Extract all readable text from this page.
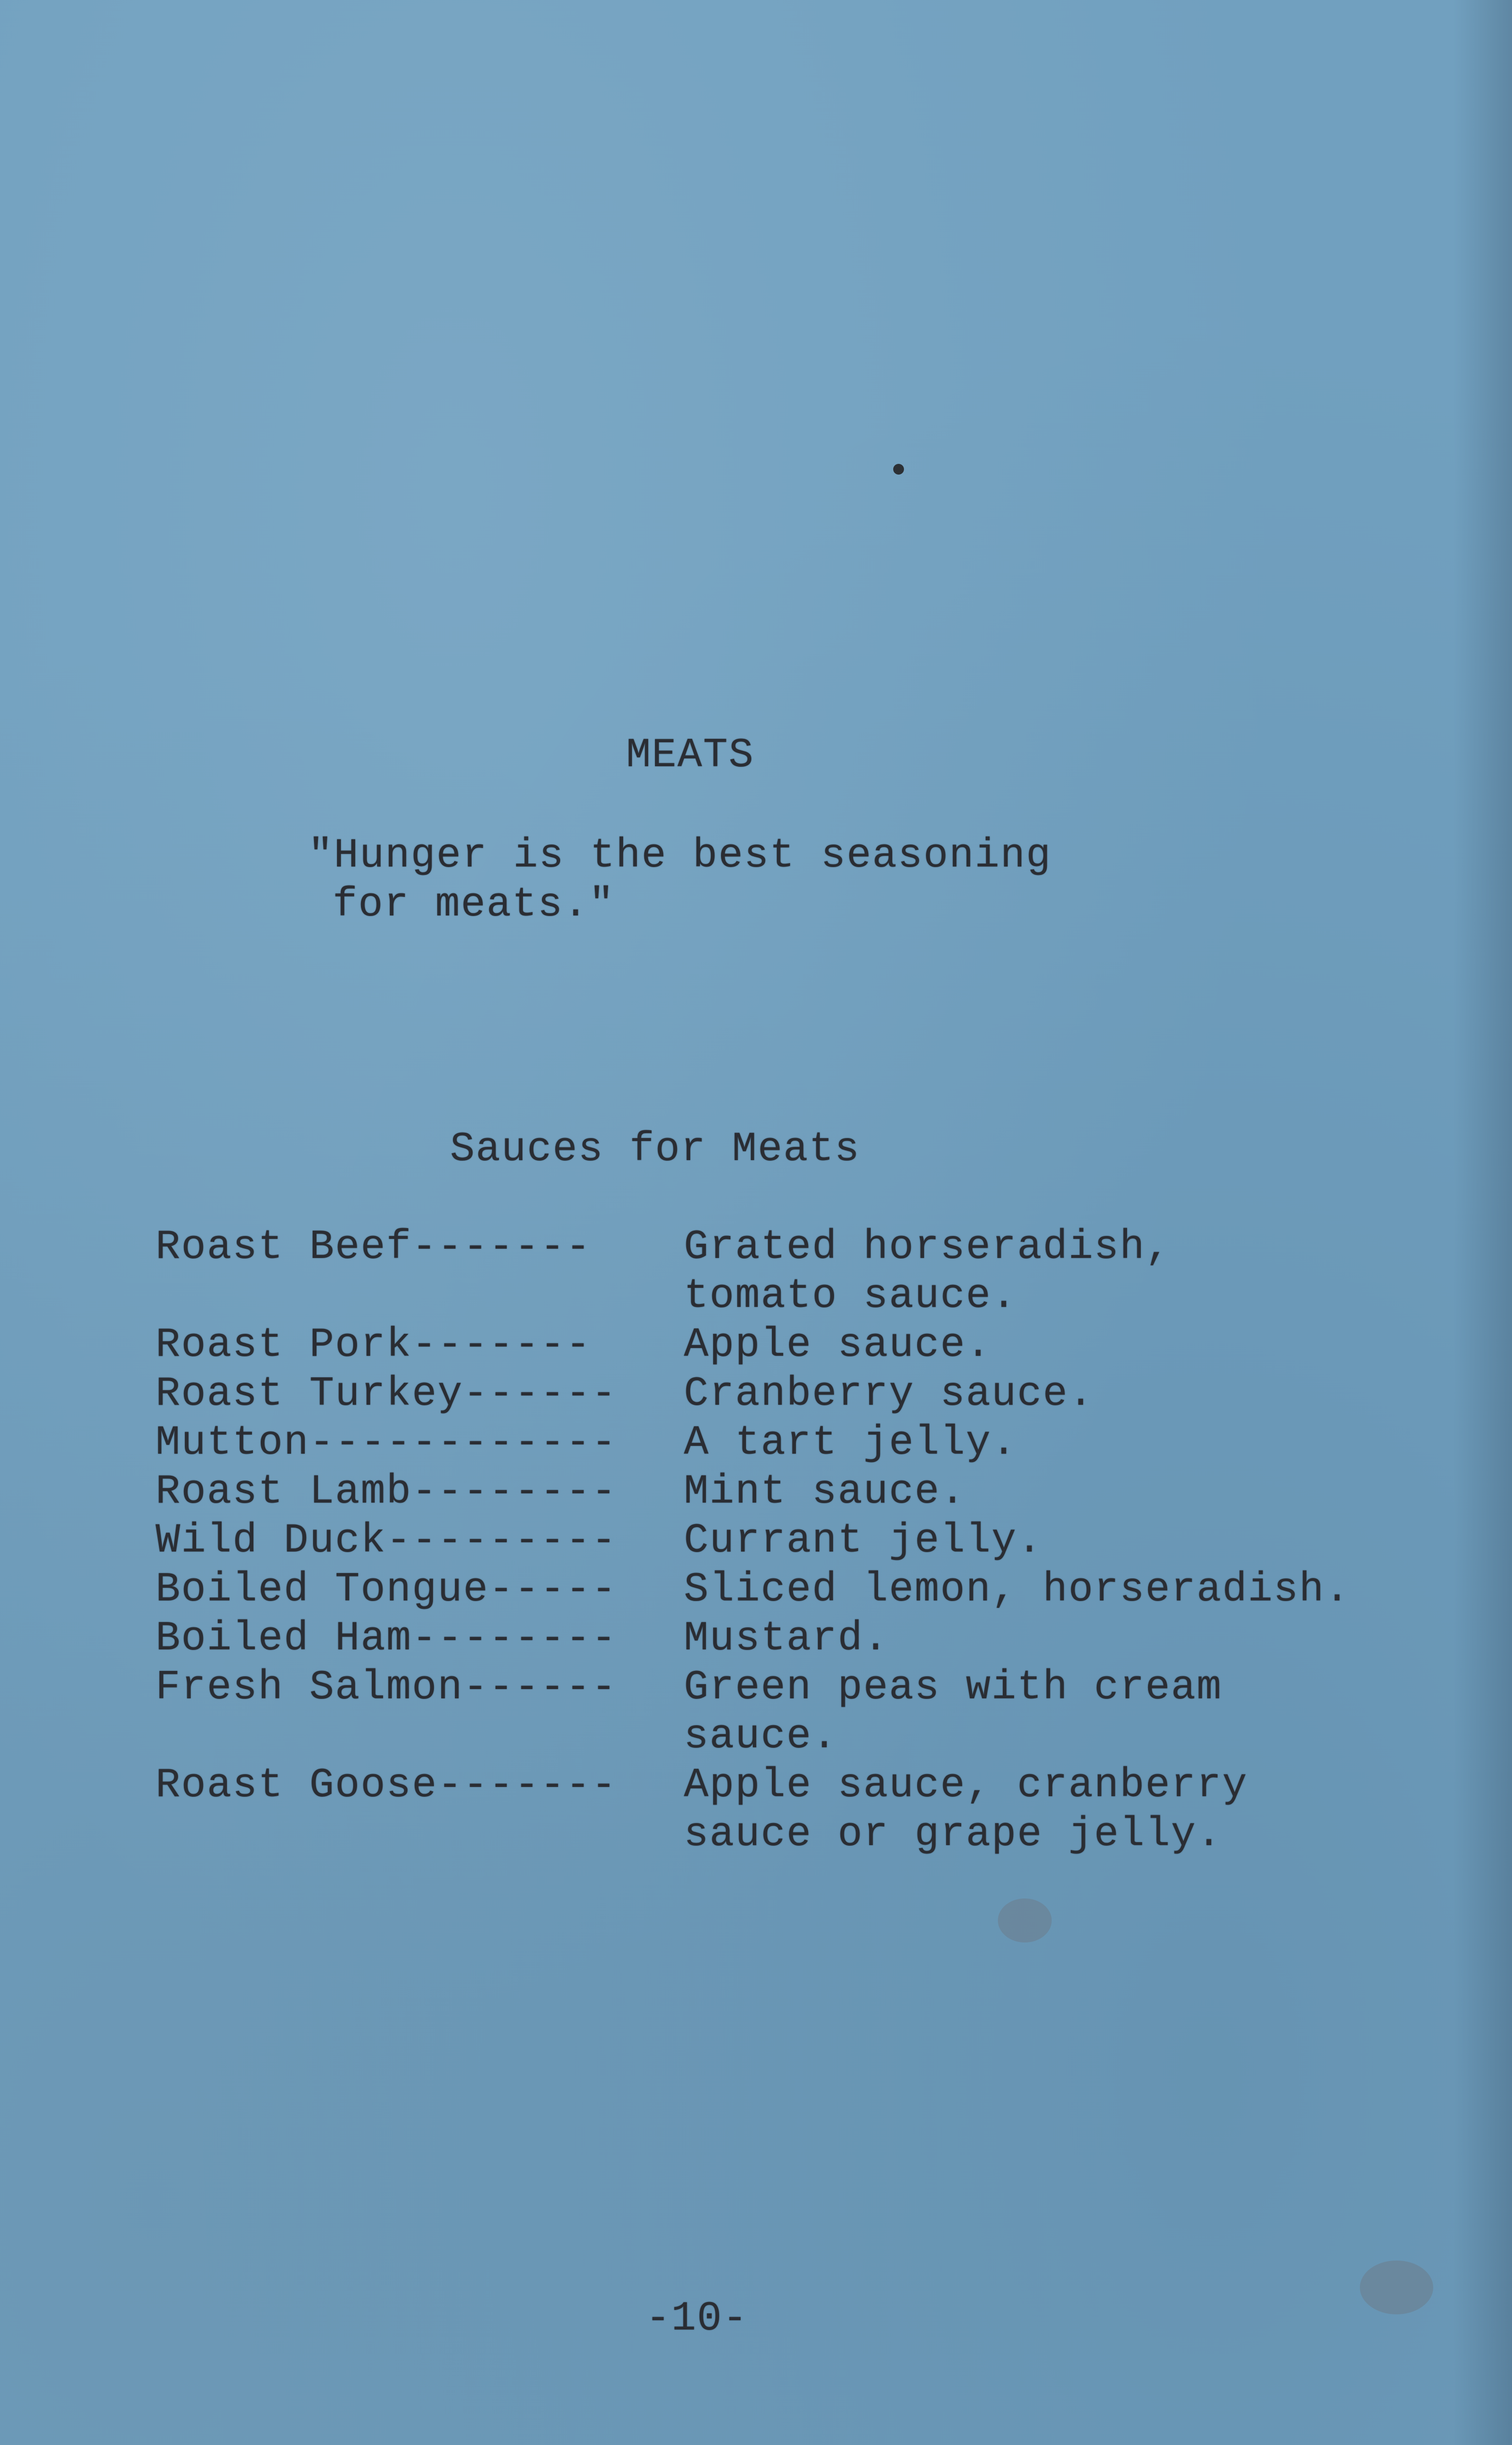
MEATS
"Hunger is the best seasoning
for meats."
Sauces for Meats
Roast Beef------- Grated horseradish,
tomato sauce.
Roast Pork------- Apple sauce.
Roast Turkey------ Cranberry sauce.
Mutton------------ A tart jelly.
Roast Lamb-------- Mint sauce.
Wild Duck--------- Currant jelly.
Boiled Tongue----- Sliced lemon, horseradish.
Boiled Ham-------- Mustard.
Fresh Salmon------ Green peas with cream
sauce.
Roast Goose------- Apple sauce, cranberry
sauce or grape jelly.
-10-
